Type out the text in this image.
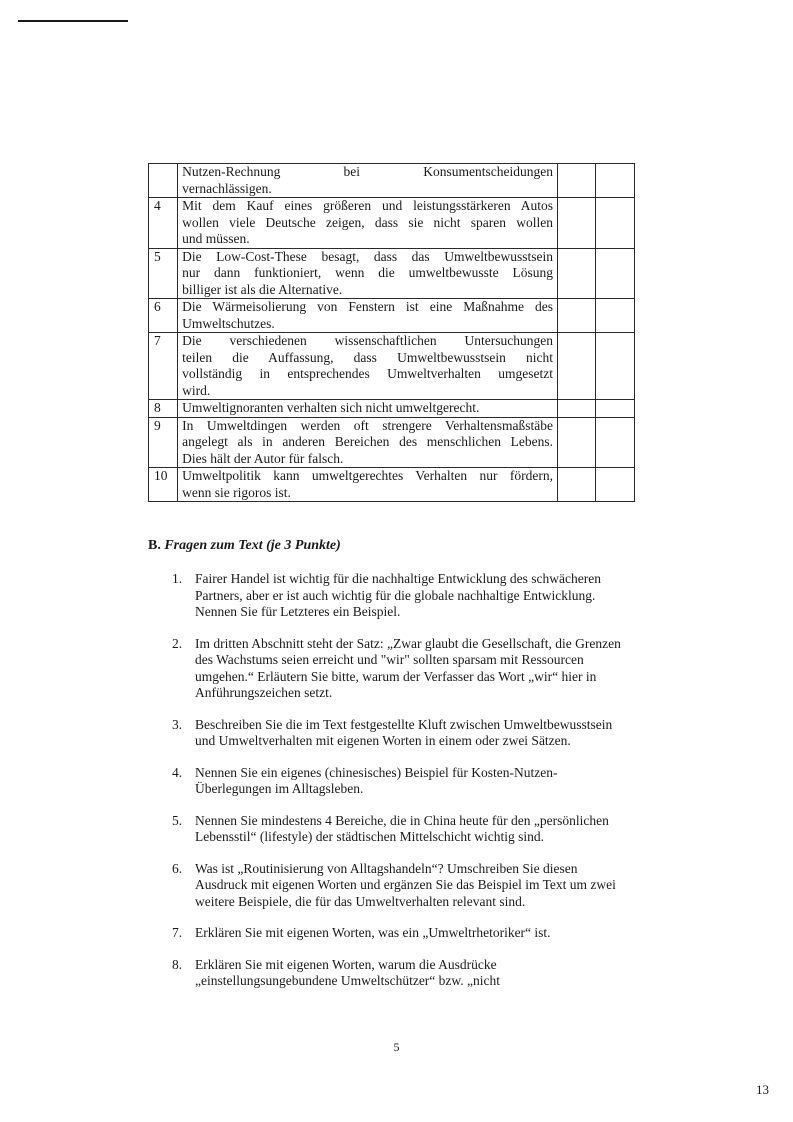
	Nutzen-Rechnung bei Konsumentscheidungen
vernachlässigen.		

4	Mit dem Kauf eines größeren und leistungsstärkeren Autos
wollen viele Deutsche zeigen, dass sie nicht sparen wollen
und müssen.		

5	Die Low-Cost-These besagt, dass das Umweltbewusstsein
nur dann funktioniert, wenn die umweltbewusste Lösung
billiger ist als die Alternative.		

6	Die Wärmeisolierung von Fenstern ist eine Maßnahme des
Umweltschutzes.		

7	Die verschiedenen wissenschaftlichen Untersuchungen
teilen die Auffassung, dass Umweltbewusstsein nicht
vollständig in entsprechendes Umweltverhalten umgesetzt
wird.		

8	Umweltignoranten verhalten sich nicht umweltgerecht.		

9	In Umweltdingen werden oft strengere Verhaltensmaßstäbe
angelegt als in anderen Bereichen des menschlichen Lebens.
Dies hält der Autor für falsch.		

10	Umweltpolitik kann umweltgerechtes Verhalten nur fördern,
wenn sie rigoros ist.		

B. Fragen zum Text (je 3 Punkte)
1. Fairer Handel ist wichtig für die nachhaltige Entwicklung des schwächeren
Partners, aber er ist auch wichtig für die globale nachhaltige Entwicklung.
Nennen Sie für Letzteres ein Beispiel.
2. Im dritten Abschnitt steht der Satz: „Zwar glaubt die Gesellschaft, die Grenzen
des Wachstums seien erreicht und "wir" sollten sparsam mit Ressourcen
umgehen.“ Erläutern Sie bitte, warum der Verfasser das Wort „wir“ hier in
Anführungszeichen setzt.
3. Beschreiben Sie die im Text festgestellte Kluft zwischen Umweltbewusstsein
und Umweltverhalten mit eigenen Worten in einem oder zwei Sätzen.
4. Nennen Sie ein eigenes (chinesisches) Beispiel für Kosten-Nutzen-
Überlegungen im Alltagsleben.
5. Nennen Sie mindestens 4 Bereiche, die in China heute für den „persönlichen
Lebensstil“ (lifestyle) der städtischen Mittelschicht wichtig sind.
6. Was ist „Routinisierung von Alltagshandeln“? Umschreiben Sie diesen
Ausdruck mit eigenen Worten und ergänzen Sie das Beispiel im Text um zwei
weitere Beispiele, die für das Umweltverhalten relevant sind.
7. Erklären Sie mit eigenen Worten, was ein „Umweltrhetoriker“ ist.
8. Erklären Sie mit eigenen Worten, warum die Ausdrücke
„einstellungsungebundene Umweltschützer“ bzw. „nicht
5
13
